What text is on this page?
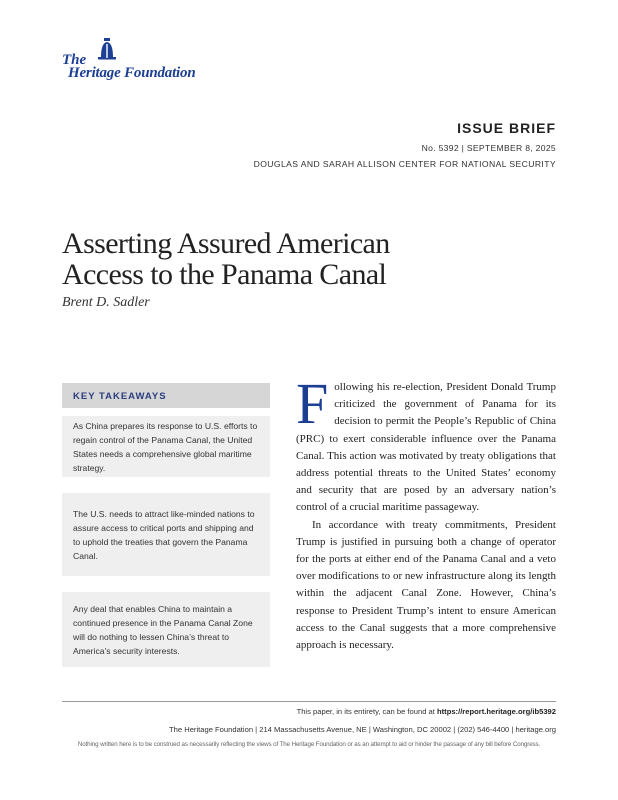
The
Heritage Foundation
ISSUE BRIEF
No. 5392 | SEPTEMBER 8, 2025
DOUGLAS AND SARAH ALLISON CENTER FOR NATIONAL SECURITY
Asserting Assured American
Access to the Panama Canal
Brent D. Sadler
KEY TAKEAWAYS
As China prepares its response to U.S. efforts to regain control of the Panama Canal, the United States needs a comprehensive global maritime strategy.
The U.S. needs to attract like-minded nations to assure access to critical ports and shipping and to uphold the treaties that govern the Panama Canal.
Any deal that enables China to maintain a continued presence in the Panama Canal Zone will do nothing to lessen China’s threat to America’s security interests.

Following his re-election, President Donald Trump criticized the government of Panama for its decision to permit the People’s Republic of China (PRC) to exert considerable influence over the Panama Canal. This action was motivated by treaty obligations that address potential threats to the United States’ economy and security that are posed by an adversary nation’s control of a crucial maritime passageway.

In accordance with treaty commitments, President Trump is justified in pursuing both a change of operator for the ports at either end of the Panama Canal and a veto over modifications to or new infrastructure along its length within the adjacent Canal Zone. However, China’s response to President Trump’s intent to ensure American access to the Canal suggests that a more comprehensive approach is necessary.

This paper, in its entirety, can be found at https://report.heritage.org/ib5392
The Heritage Foundation | 214 Massachusetts Avenue, NE | Washington, DC 20002 | (202) 546-4400 | heritage.org
Nothing written here is to be construed as necessarily reflecting the views of The Heritage Foundation or as an attempt to aid or hinder the passage of any bill before Congress.
